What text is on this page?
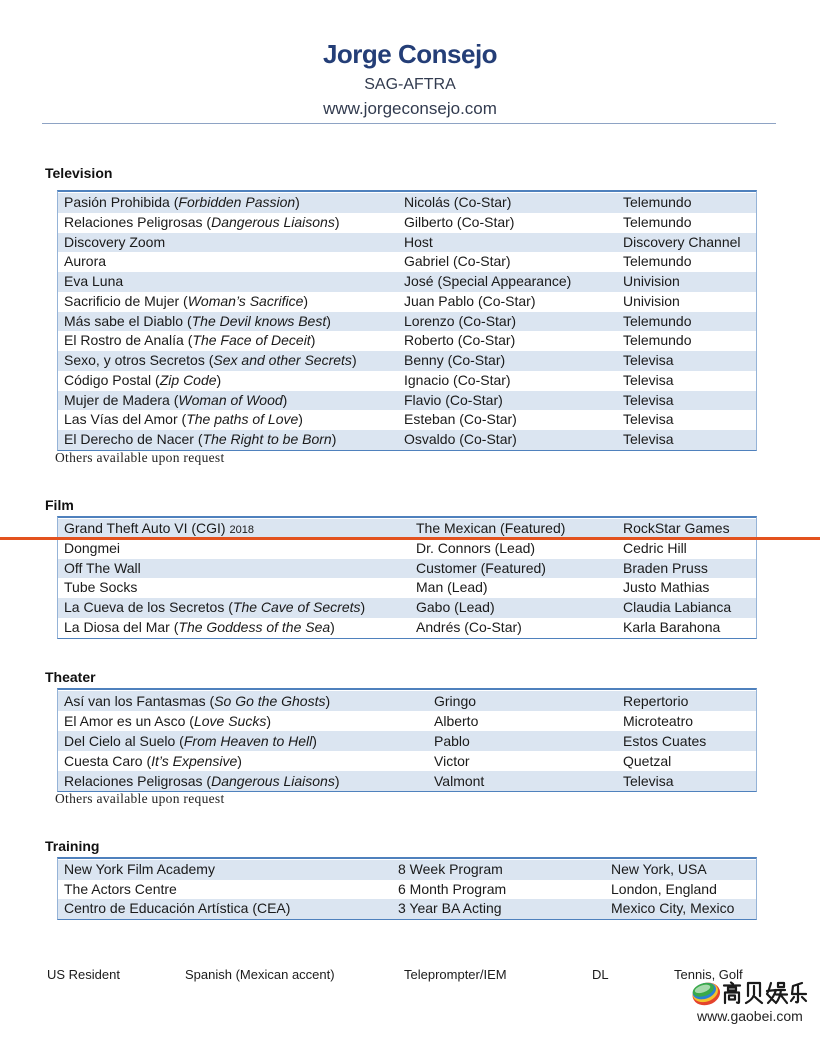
Jorge Consejo
SAG-AFTRA
www.jorgeconsejo.com
Television
Pasión Prohibida (Forbidden Passion)	Nicolás (Co-Star)	Telemundo
Relaciones Peligrosas (Dangerous Liaisons)	Gilberto (Co-Star)	Telemundo
Discovery Zoom	Host	Discovery Channel
Aurora	Gabriel (Co-Star)	Telemundo
Eva Luna	José (Special Appearance)	Univision
Sacrificio de Mujer (Woman’s Sacrifice)	Juan Pablo (Co-Star)	Univision
Más sabe el Diablo (The Devil knows Best)	Lorenzo (Co-Star)	Telemundo
El Rostro de Analía (The Face of Deceit)	Roberto (Co-Star)	Telemundo
Sexo, y otros Secretos (Sex and other Secrets)	Benny (Co-Star)	Televisa
Código Postal (Zip Code)	Ignacio (Co-Star)	Televisa
Mujer de Madera (Woman of Wood)	Flavio (Co-Star)	Televisa
Las Vías del Amor (The paths of Love)	Esteban (Co-Star)	Televisa
El Derecho de Nacer (The Right to be Born)	Osvaldo (Co-Star)	Televisa
Others available upon request
Film
Grand Theft Auto VI (CGI) 2018	The Mexican (Featured)	RockStar Games
Dongmei	Dr. Connors (Lead)	Cedric Hill
Off The Wall	Customer (Featured)	Braden Pruss
Tube Socks	Man (Lead)	Justo Mathias
La Cueva de los Secretos (The Cave of Secrets)	Gabo (Lead)	Claudia Labianca
La Diosa del Mar (The Goddess of the Sea)	Andrés (Co-Star)	Karla Barahona
Theater
Así van los Fantasmas (So Go the Ghosts)	Gringo	Repertorio
El Amor es un Asco (Love Sucks)	Alberto	Microteatro
Del Cielo al Suelo (From Heaven to Hell)	Pablo	Estos Cuates
Cuesta Caro (It’s Expensive)	Victor	Quetzal
Relaciones Peligrosas (Dangerous Liaisons)	Valmont	Televisa
Others available upon request
Training
New York Film Academy	8 Week Program	New York, USA
The Actors Centre	6 Month Program	London, England
Centro de Educación Artística (CEA)	3 Year BA Acting	Mexico City, Mexico
US Resident	Spanish (Mexican accent)	Teleprompter/IEM	DL	Tennis, Golf
www.gaobei.com
